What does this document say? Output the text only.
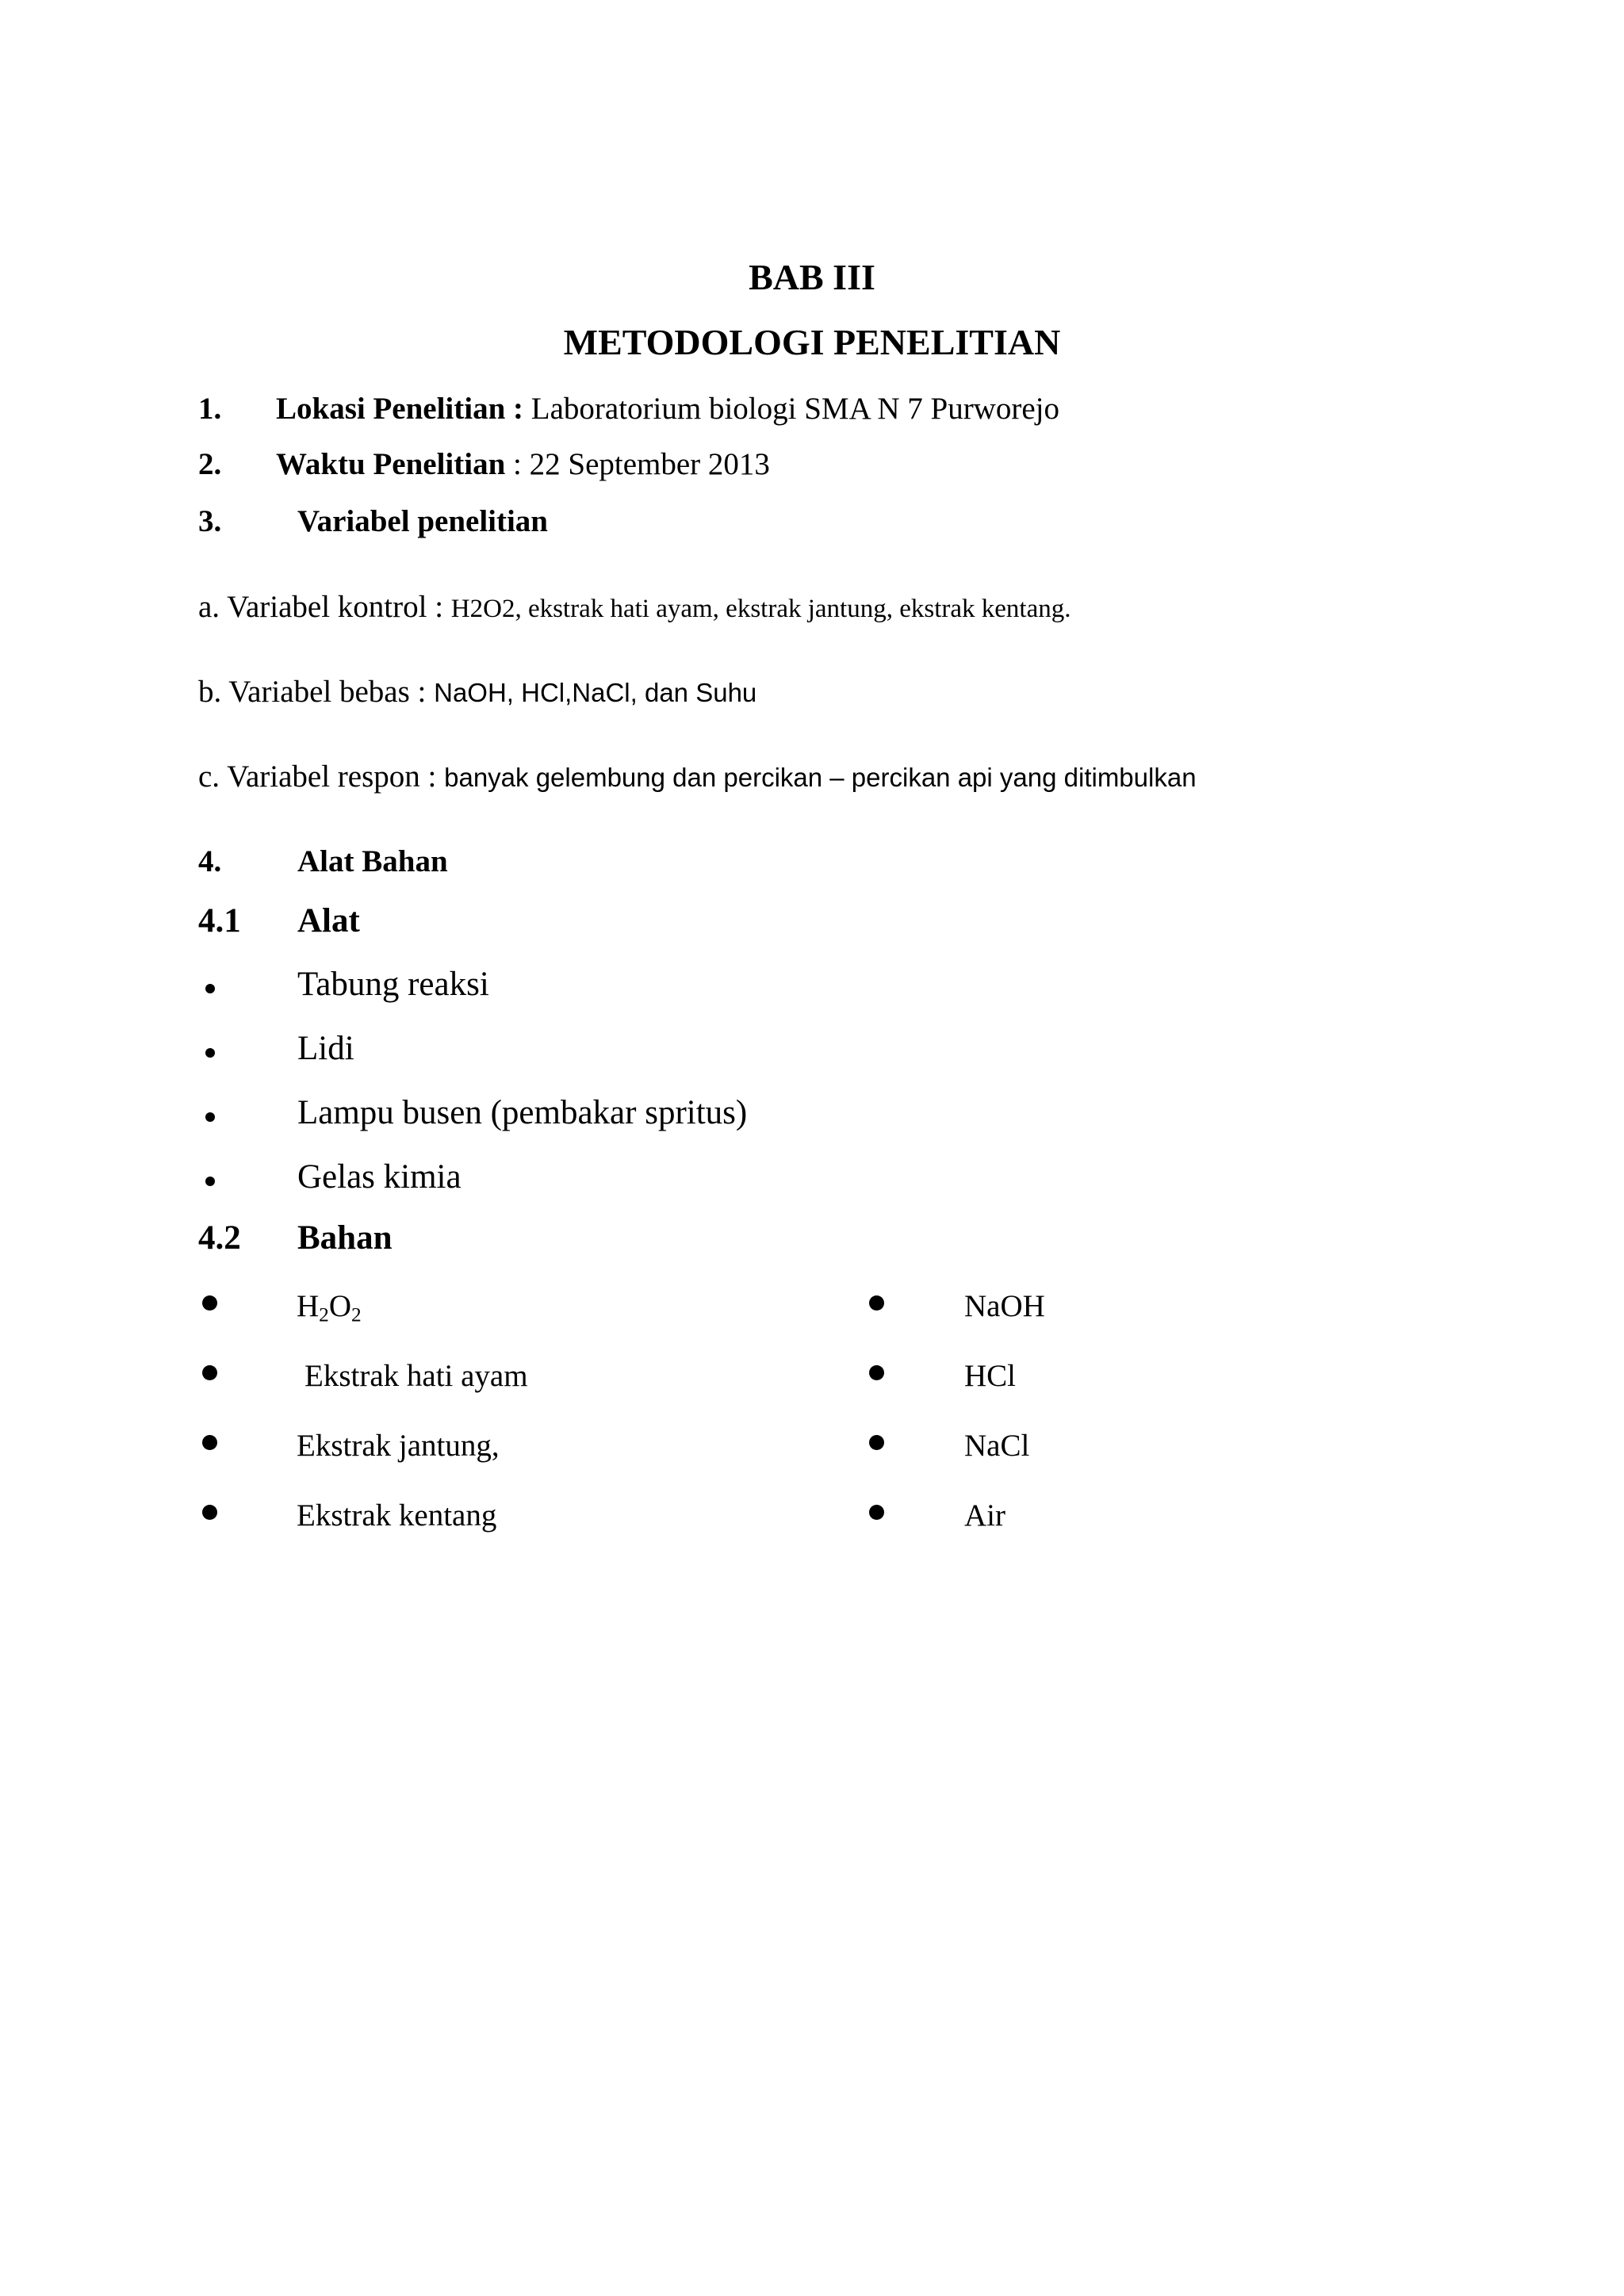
BAB III
METODOLOGI PENELITIAN
1. Lokasi Penelitian : Laboratorium biologi SMA N 7 Purworejo
2. Waktu Penelitian : 22 September 2013
3. Variabel penelitian
a. Variabel kontrol : H2O2, ekstrak hati ayam, ekstrak jantung, ekstrak kentang.
b. Variabel bebas : NaOH, HCl,NaCl, dan Suhu
c. Variabel respon : banyak gelembung dan percikan – percikan api yang ditimbulkan
4. Alat Bahan
4.1 Alat
Tabung reaksi
Lidi
Lampu busen (pembakar spritus)
Gelas kimia
4.2 Bahan
$H_2O_2$
Ekstrak hati ayam
Ekstrak jantung,
Ekstrak kentang
NaOH
HCl
NaCl
Air
